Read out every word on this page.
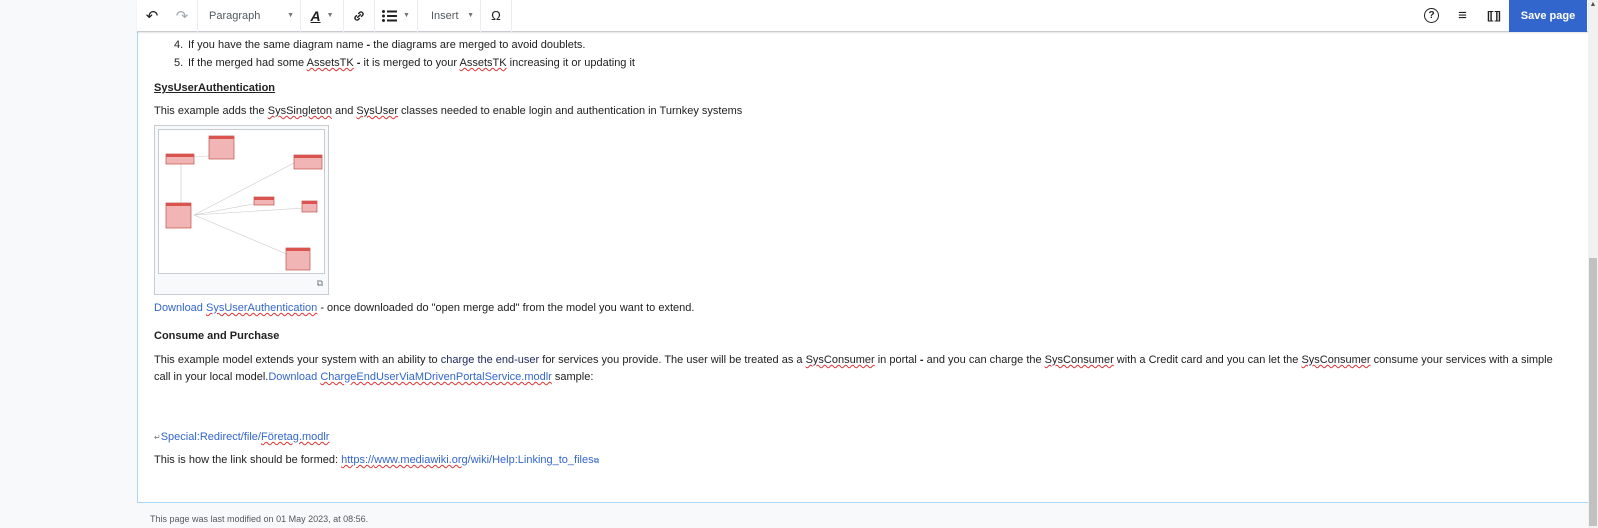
↶	↷	Paragraph	▼ A ▼	▼ Insert ▼ Ω	? ≡ [[ ]]	Save page
4. If you have the same diagram name - the diagrams are merged to avoid doublets.
5. If the merged had some AssetsTK - it is merged to your AssetsTK increasing it or updating it
SysUserAuthentication
This example adds the SysSingleton and SysUser classes needed to enable login and authentication in Turnkey systems
⧉
Download SysUserAuthentication - once downloaded do "open merge add" from the model you want to extend.
Consume and Purchase
This example model extends your system with an ability to charge the end-user for services you provide. The user will be treated as a SysConsumer in portal - and you can charge the SysConsumer with a Credit card and you can let the SysConsumer consume your services with a simple call in your local model.Download ChargeEndUserViaMDrivenPortalService.modlr sample:
↵Special:Redirect/file/Företag.modlr
This is how the link should be formed: https://www.mediawiki.org/wiki/Help:Linking_to_files⧉
This page was last modified on 01 May 2023, at 08:56.
▲
